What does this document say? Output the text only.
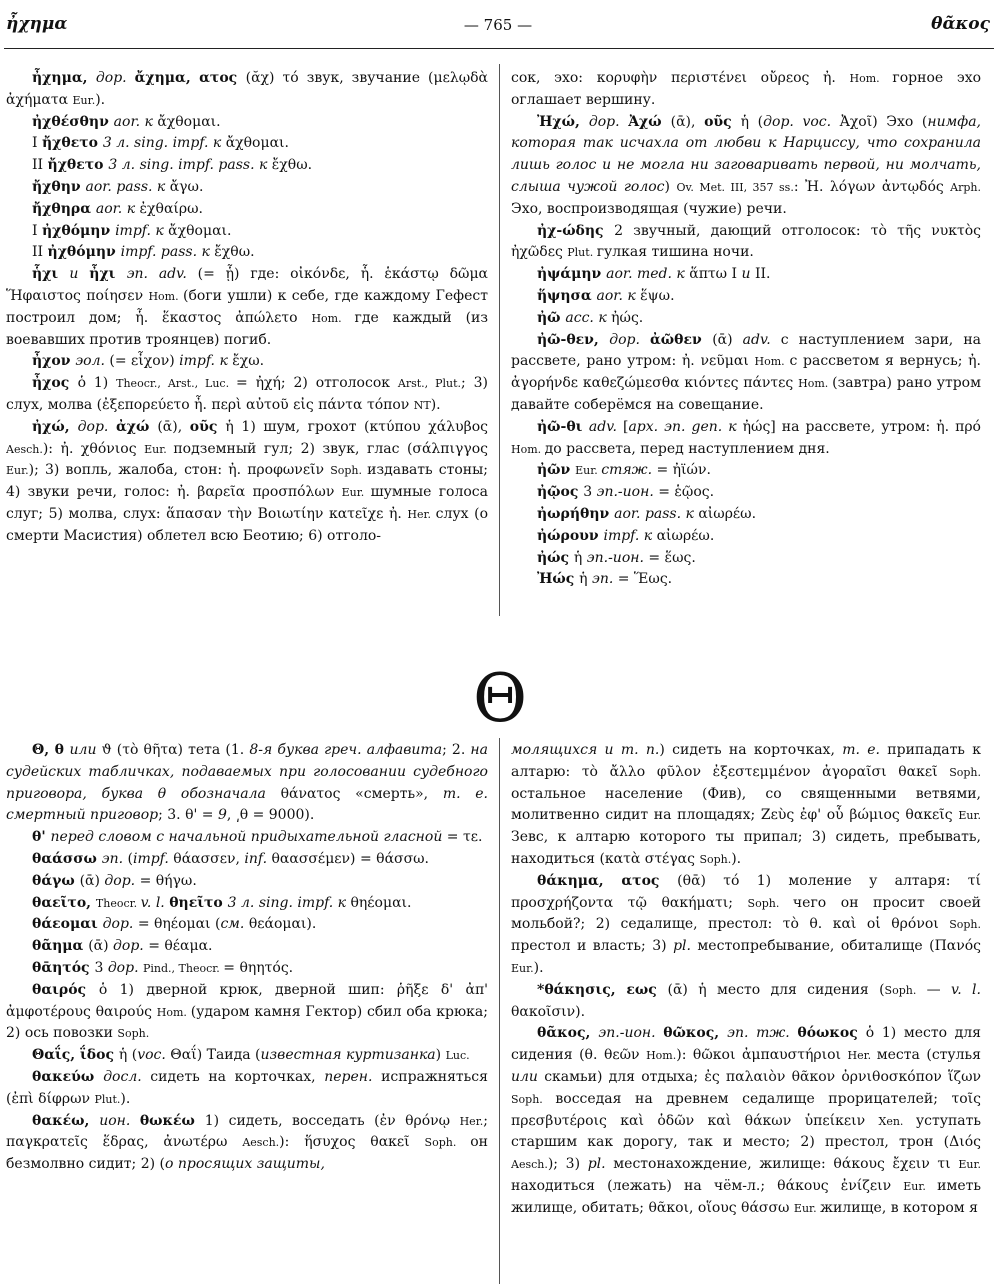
ἦχημα	— 765 —	θᾶκος

ἦχημα, дор. ἄχημα, ατος (ᾰχ) τό звук, звучание (μελῳδὰ ἀχήματα Eur.).

ἠχθέσθην aor. к ἄχθομαι.

I ἤχθετο 3 л. sing. impf. к ἄχθομαι.

II ἤχθετο 3 л. sing. impf. pass. к ἔχθω.

ἤχθην aor. pass. к ἄγω.

ἤχθηρα aor. к ἐχθαίρω.

I ἠχθόμην impf. к ἄχθομαι.

II ἠχθόμην impf. pass. к ἔχθω.

ἧχι и ἦχι эп. adv. (= ᾗ) где: οἰκόνδε, ἧ. ἑκάστῳ δῶμα Ἥφαιστος ποίησεν Hom. (боги ушли) к себе, где каждому Гефест построил дом; ἧ. ἕκαστος ἀπώλετο Hom. где каждый (из воевавших против троянцев) погиб.

ἦχον эол. (= εἶχον) impf. к ἔχω.

ἦχος ὁ 1) Theocr., Arst., Luc. = ἠχή; 2) отголосок Arst., Plut.; 3) слух, молва (ἐξεπορεύετο ἦ. περὶ αὐτοῦ εἰς πάντα τόπον NT).

ἠχώ, дор. ἀχώ (ᾱ), οῦς ἡ 1) шум, грохот (κτύπου χάλυβος Aesch.): ἠ. χθόνιος Eur. подземный гул; 2) звук, глас (σάλπιγγος Eur.); 3) вопль, жалоба, стон: ἠ. προφωνεῖν Soph. издавать стоны; 4) звуки речи, голос: ἠ. βαρεῖα προσπόλων Eur. шумные голоса слуг; 5) молва, слух: ἅπασαν τὴν Βοιωτίην κατεῖχε ἠ. Her. слух (о смерти Масистия) облетел всю Беотию; 6) отголо-

сок, эхо: κορυφὴν περιστένει οὔρεος ἠ. Hom. горное эхо оглашает вершину.

Ἠχώ, дор. Ἀχώ (ᾱ), οῦς ἡ (дор. voc. Ἀχοῖ) Эхо (нимфа, которая так исчахла от любви к Нарциссу, что сохранила лишь голос и не могла ни заговаривать первой, ни молчать, слыша чужой голос) Ov. Met. III, 357 ss.: Ἠ. λόγων ἀντῳδός Arph. Эхо, воспроизводящая (чужие) речи.

ἠχ-ώδης 2 звучный, дающий отголосок: τὸ τῆς νυκτὸς ἠχῶδες Plut. гулкая тишина ночи.

ἠψάμην aor. med. к ἅπτω I и II.

ἥψησα aor. к ἕψω.

ἠῶ acc. к ἠώς.

ἠῶ-θεν, дор. ἀῶθεν (ᾱ) adv. с наступлением зари, на рассвете, рано утром: ἠ. νεῦμαι Hom. с рассветом я вернусь; ἠ. ἀγορήνδε καθεζώμεσθα κιόντες πάντες Hom. (завтра) рано утром давайте соберёмся на совещание.

ἠῶ-θι adv. [арх. эп. gen. к ἠώς] на рассвете, утром: ἠ. πρό Hom. до рассвета, перед наступлением дня.

ἠῶν Eur. стяж. = ἠϊών.

ἠῷος 3 эп.-ион. = ἑῷος.

ἠωρήθην aor. pass. к αἰωρέω.

ἠώρουν impf. к αἰωρέω.

ἠώς ἡ эп.-ион. = ἕως.

Ἠώς ἡ эп. = Ἕως.

Θ

Θ, θ или ϑ (τὸ θῆτα) тета (1. 8-я буква греч. алфавита; 2. на судейских табличках, подаваемых при голосовании судебного приговора, буква θ обозначала θάνατος «смерть», т. е. смертный приговор; 3. θ' = 9, ͵θ = 9000).

θ' перед словом с начальной придыхательной гласной = τε.

θαάσσω эп. (impf. θάασσεν, inf. θαασσέμεν) = θάσσω.

θάγω (ᾱ) дор. = θήγω.

θαεῖτο, Theocr. v. l. θηεῖτο 3 л. sing. impf. к θηέομαι.

θάεομαι дор. = θηέομαι (см. θεάομαι).

θᾶημα (ᾱ) дор. = θέαμα.

θᾱητός 3 дор. Pind., Theocr. = θηητός.

θαιρός ὁ 1) дверной крюк, дверной шип: ῥῆξε δ' ἀπ' ἀμφοτέρους θαιρούς Hom. (ударом камня Гектор) сбил оба крюка; 2) ось повозки Soph.

Θαΐς, ΐδος ἡ (voc. Θαΐ) Таида (известная куртизанка) Luc.

θακεύω досл. сидеть на корточках, перен. испражняться (ἐπὶ δίφρων Plut.).

θακέω, ион. θωκέω 1) сидеть, восседать (ἐν θρόνῳ Her.; παγκρατεῖς ἕδρας, ἀνωτέρω Aesch.): ἥσυχος θακεῖ Soph. он безмолвно сидит; 2) (о просящих защиты,

молящихся и т. п.) сидеть на корточках, т. е. припадать к алтарю: τὸ ἄλλο φῦλον ἐξεστεμμένον ἀγοραῖσι θακεῖ Soph. остальное население (Фив), со священными ветвями, молитвенно сидит на площадях; Ζεὺς ἐφ' οὗ βώμιος θακεῖς Eur. Зевс, к алтарю которого ты припал; 3) сидеть, пребывать, находиться (κατὰ στέγας Soph.).

θάκημα, ατος (θᾱ) τό 1) моление у алтаря: τί προσχρήζοντα τῷ θακήματι; Soph. чего он просит своей мольбой?; 2) седалище, престол: τὸ θ. καὶ οἱ θρόνοι Soph. престол и власть; 3) pl. местопребывание, обиталище (Πανός Eur.).

*θάκησις, εως (ᾱ) ἡ место для сидения (Soph. — v. l. θακοῖσιν).

θᾶκος, эп.-ион. θῶκος, эп. тж. θόωκος ὁ 1) место для сидения (θ. θεῶν Hom.): θῶκοι ἀμπαυστήριοι Her. места (стулья или скамьи) для отдыха; ἐς παλαιὸν θᾶκον ὀρνιθοσκόπον ἵζων Soph. восседая на древнем седалище прорицателей; τοῖς πρεσβυτέροις καὶ ὁδῶν καὶ θάκων ὑπείκειν Xen. уступать старшим как дорогу, так и место; 2) престол, трон (Διός Aesch.); 3) pl. местонахождение, жилище: θάκους ἔχειν τι Eur. находиться (лежать) на чём-л.; θάκους ἐνίζειν Eur. иметь жилище, обитать; θᾶκοι, οἵους θάσσω Eur. жилище, в котором я
